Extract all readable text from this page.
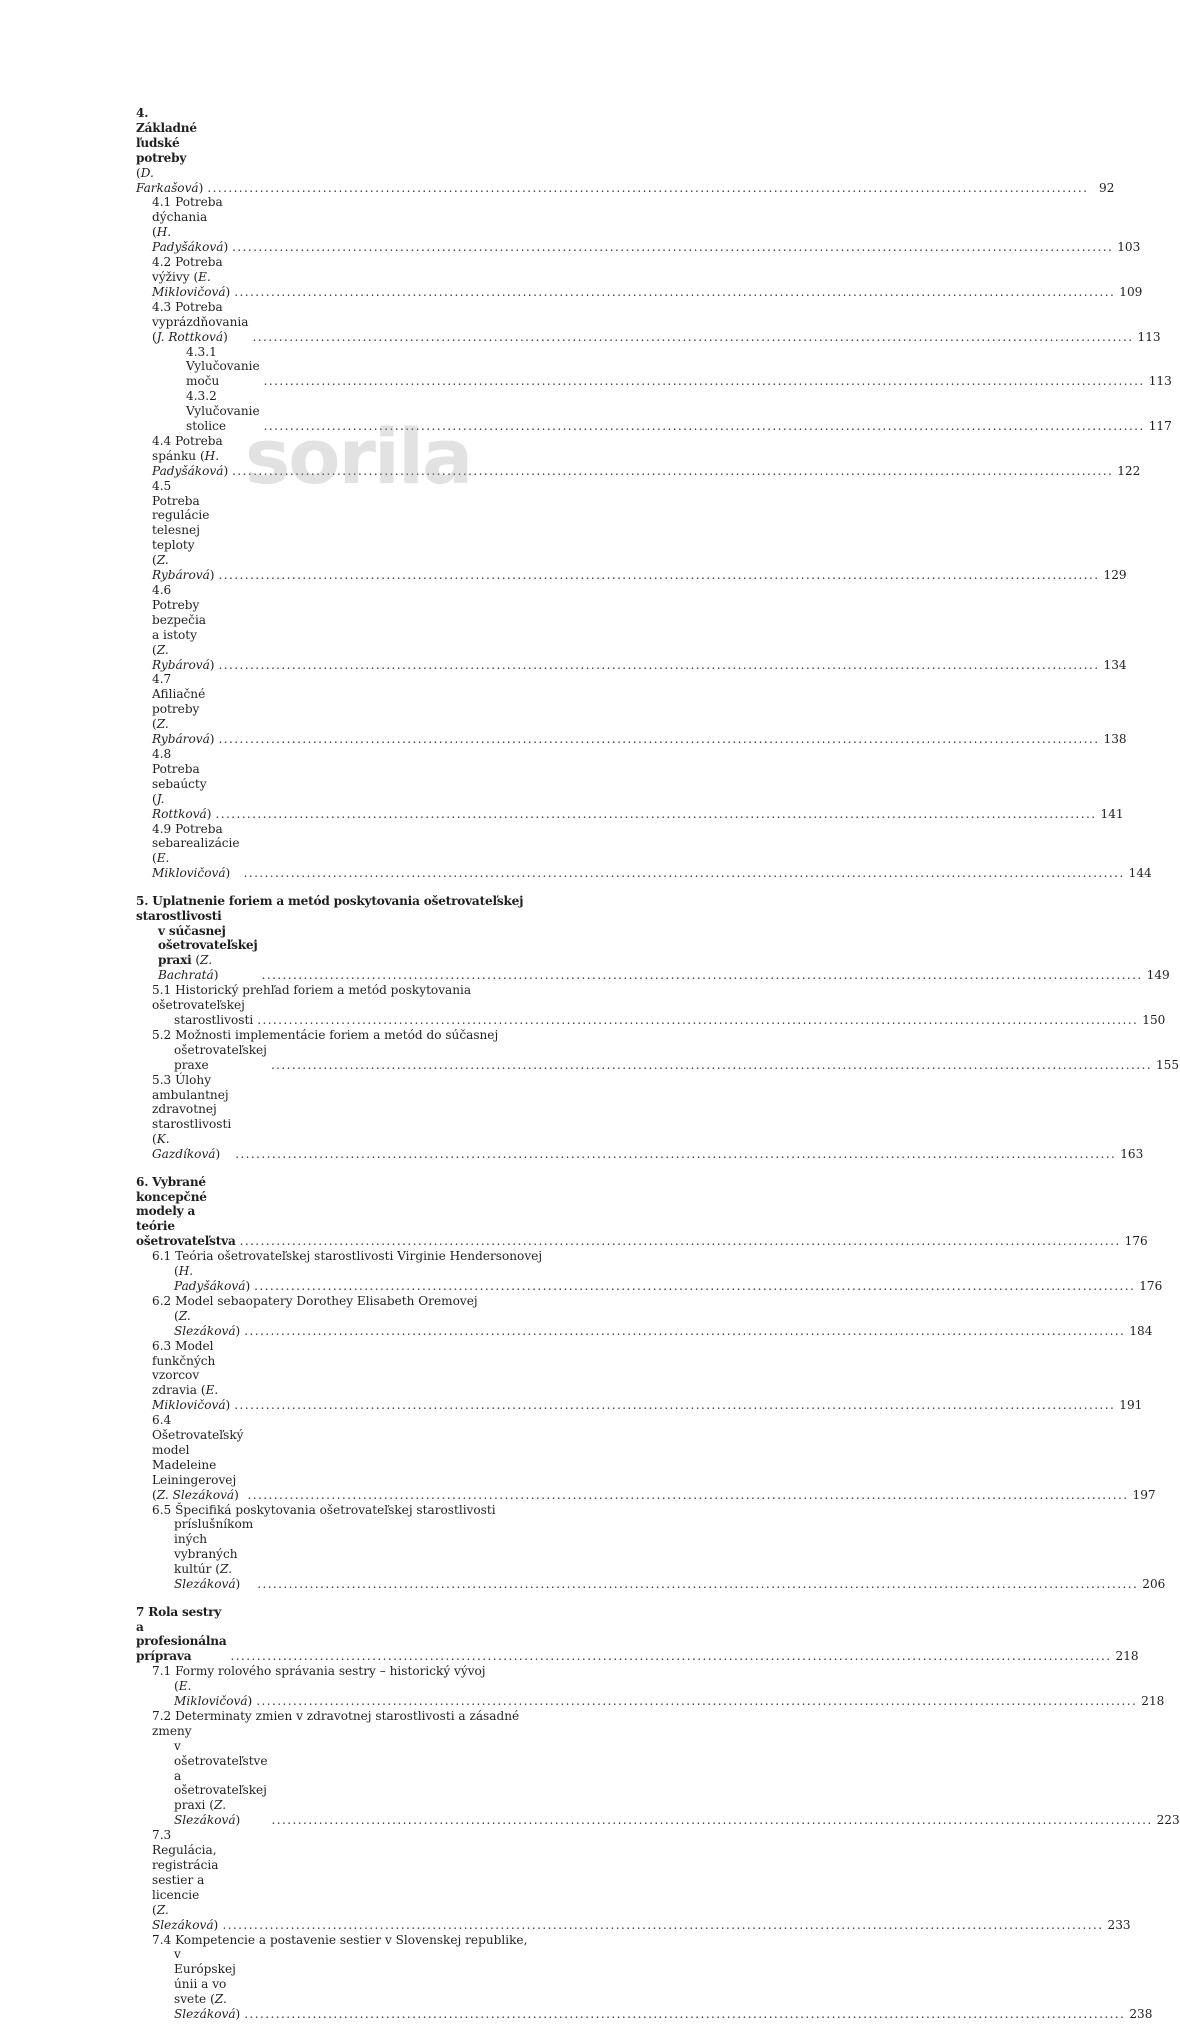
4. Základné ľudské potreby (D. Farkašová) .....	92
4.1 Potreba dýchania (H. Padyšáková) .....	103
4.2 Potreba výživy (E. Miklovičová) .....	109
4.3 Potreba vyprázdňovania (J. Rottková) .....	113
4.3.1 Vylučovanie moču .....	113
4.3.2 Vylučovanie stolice .....	117
4.4 Potreba spánku (H. Padyšáková) .....	122
4.5 Potreba regulácie telesnej teploty (Z. Rybárová) .....	129
4.6 Potreby bezpečia a istoty (Z. Rybárová) .....	134
4.7 Afiliačné potreby (Z. Rybárová) .....	138
4.8 Potreba sebaúcty (J. Rottková) .....	141
4.9 Potreba sebarealizácie (E. Miklovičová) .....	144
5. Uplatnenie foriem a metód poskytovania ošetrovateľskej starostlivosti
v súčasnej ošetrovateľskej praxi (Z. Bachratá) .....	149
5.1 Historický prehľad foriem a metód poskytovania ošetrovateľskej
starostlivosti .....	150
5.2 Možnosti implementácie foriem a metód do súčasnej
ošetrovateľskej praxe .....	155
5.3 Úlohy ambulantnej zdravotnej starostlivosti (K. Gazdíková) .....	163
6. Vybrané koncepčné modely a teórie ošetrovateľstva .....	176
6.1 Teória ošetrovateľskej starostlivosti Virginie Hendersonovej
(H. Padyšáková) .....	176
6.2 Model sebaopatery Dorothey Elisabeth Oremovej
(Z. Slezáková) .....	184
6.3 Model funkčných vzorcov zdravia (E. Miklovičová) .....	191
6.4 Ošetrovateľský model Madeleine Leiningerovej (Z. Slezáková) .....	197
6.5 Špecifiká poskytovania ošetrovateľskej starostlivosti
príslušníkom iných vybraných kultúr (Z. Slezáková) .....	206
7 Rola sestry a profesionálna príprava .....	218
7.1 Formy rolového správania sestry – historický vývoj
(E. Miklovičová) .....	218
7.2 Determinaty zmien v zdravotnej starostlivosti a zásadné zmeny
v ošetrovateľstve a ošetrovateľskej praxi (Z. Slezáková) .....	223
7.3 Regulácia, registrácia sestier a licencie (Z. Slezáková) .....	233
7.4 Kompetencie a postavenie sestier v Slovenskej republike,
v Európskej únii a vo svete (Z. Slezáková) .....	238
sorila
